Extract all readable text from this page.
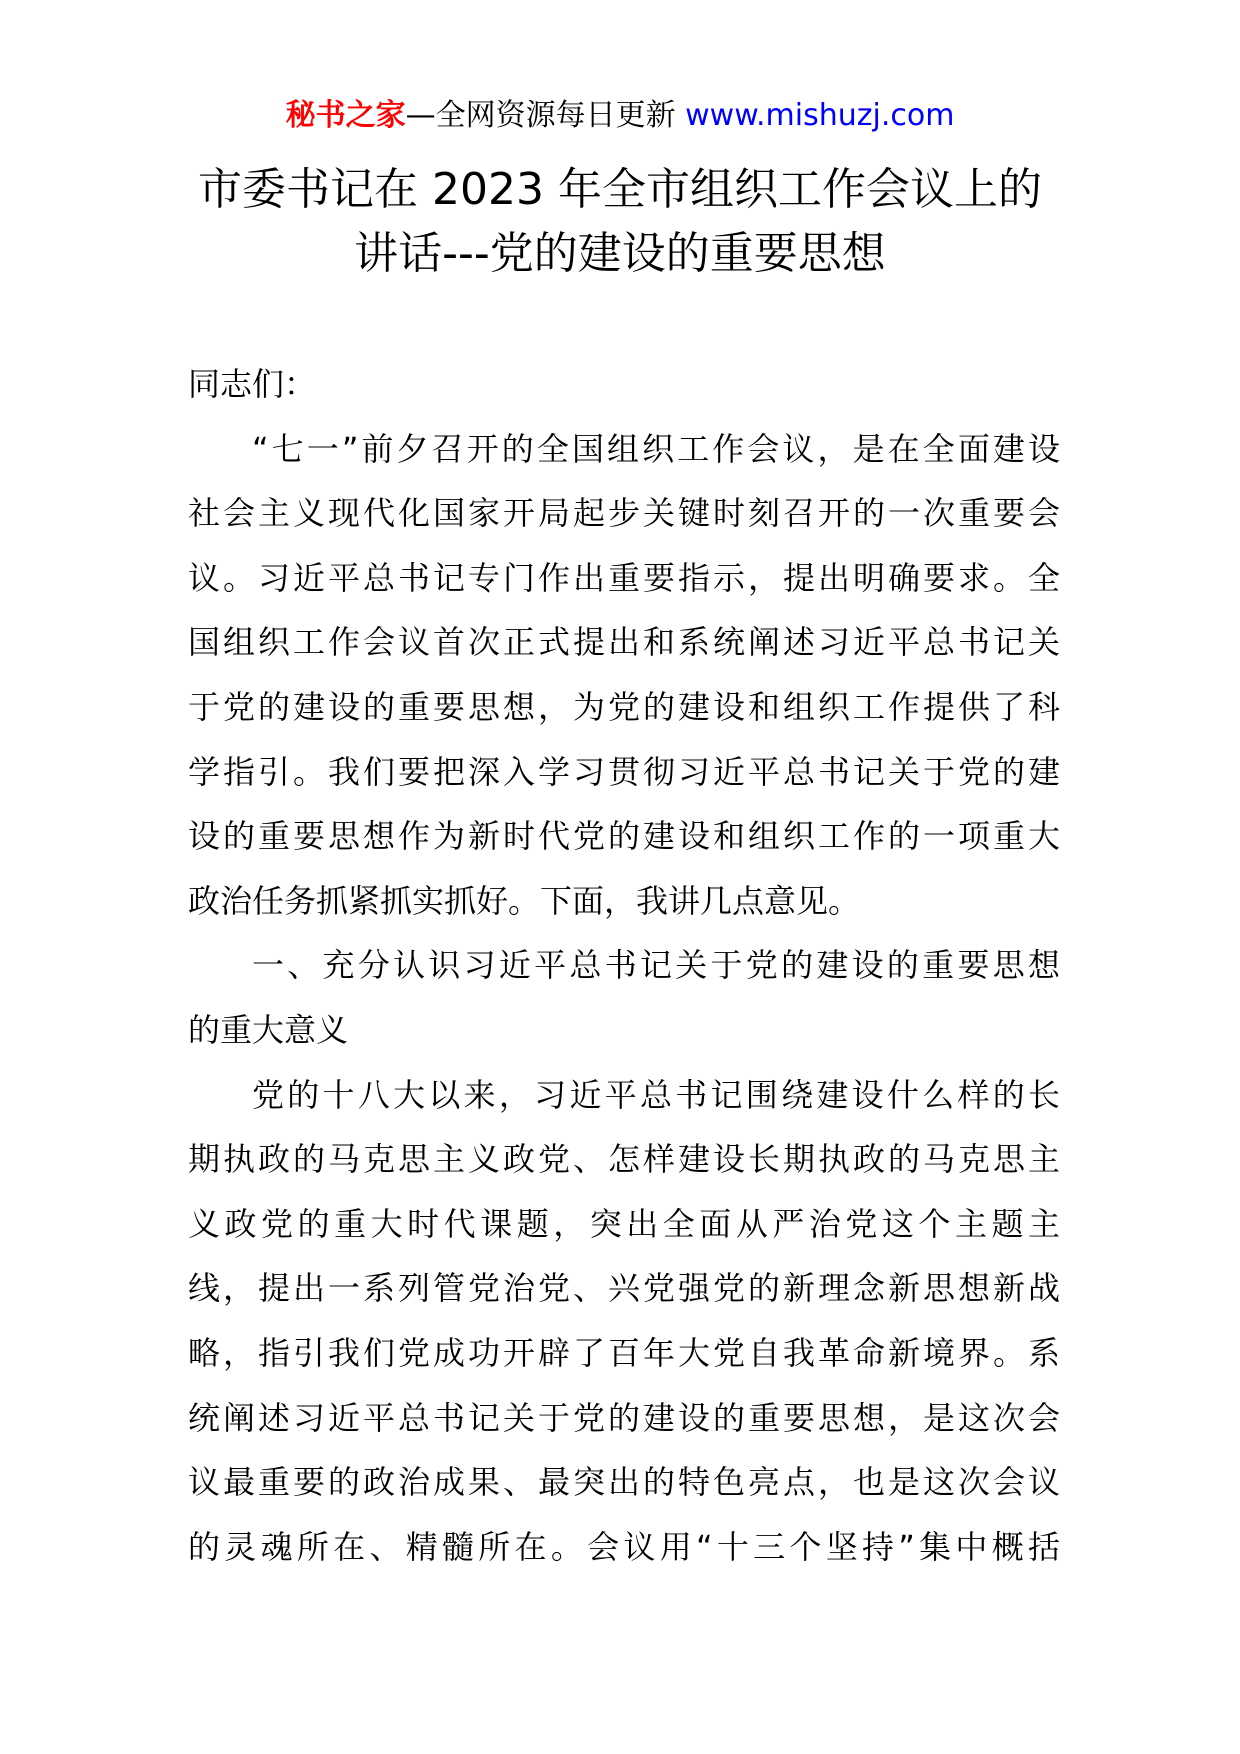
秘书之家—全网资源每日更新 www.mishuzj.com
市委书记在 2023 年全市组织工作会议上的
讲话---党的建设的重要思想
同志们：
“七一”前夕召开的全国组织工作会议，是在全面建设
社会主义现代化国家开局起步关键时刻召开的一次重要会
议。习近平总书记专门作出重要指示，提出明确要求。全
国组织工作会议首次正式提出和系统阐述习近平总书记关
于党的建设的重要思想，为党的建设和组织工作提供了科
学指引。我们要把深入学习贯彻习近平总书记关于党的建
设的重要思想作为新时代党的建设和组织工作的一项重大
政治任务抓紧抓实抓好。下面，我讲几点意见。
一、充分认识习近平总书记关于党的建设的重要思想
的重大意义
党的十八大以来，习近平总书记围绕建设什么样的长
期执政的马克思主义政党、怎样建设长期执政的马克思主
义政党的重大时代课题，突出全面从严治党这个主题主
线，提出一系列管党治党、兴党强党的新理念新思想新战
略，指引我们党成功开辟了百年大党自我革命新境界。系
统阐述习近平总书记关于党的建设的重要思想，是这次会
议最重要的政治成果、最突出的特色亮点，也是这次会议
的灵魂所在、精髓所在。会议用“十三个坚持”集中概括
